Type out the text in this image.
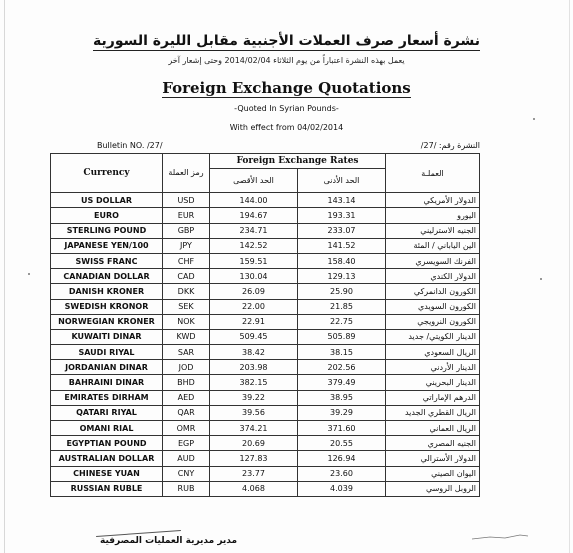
نشرة أسعار صرف العملات الأجنبية مقابل الليرة السورية
يعمل بهذه النشرة اعتباراً من يوم الثلاثاء 2014/02/04 وحتى إشعار آخر
Foreign Exchange Quotations
-Quoted In Syrian Pounds-
With effect from 04/02/2014
Bulletin NO. /27/	النشرة رقم: /27/
Currency	رمز العملة	Foreign Exchange Rates		العملـة
		الحد الأقصى	الحد الأدنى	
US DOLLAR	USD	144.00	143.14	الدولار الأمريكي
EURO	EUR	194.67	193.31	اليورو
STERLING POUND	GBP	234.71	233.07	الجنيه الاسترليني
JAPANESE YEN/100	JPY	142.52	141.52	الين الياباني / المئة
SWISS FRANC	CHF	159.51	158.40	الفرنك السويسري
CANADIAN DOLLAR	CAD	130.04	129.13	الدولار الكندي
DANISH KRONER	DKK	26.09	25.90	الكورون الدانمركي
SWEDISH KRONOR	SEK	22.00	21.85	الكورون السويدي
NORWEGIAN KRONER	NOK	22.91	22.75	الكورون النرويجي
KUWAITI DINAR	KWD	509.45	505.89	الدينار الكويتي/ جديد
SAUDI RIYAL	SAR	38.42	38.15	الريال السعودي
JORDANIAN DINAR	JOD	203.98	202.56	الدينار الأردني
BAHRAINI DINAR	BHD	382.15	379.49	الدينار البحريني
EMIRATES DIRHAM	AED	39.22	38.95	الدرهم الإماراتي
QATARI RIYAL	QAR	39.56	39.29	الريال القطري الجديد
OMANI RIAL	OMR	374.21	371.60	الريال العماني
EGYPTIAN POUND	EGP	20.69	20.55	الجنيه المصري
AUSTRALIAN DOLLAR	AUD	127.83	126.94	الدولار الأسترالي
CHINESE YUAN	CNY	23.77	23.60	اليوان الصيني
RUSSIAN RUBLE	RUB	4.068	4.039	الروبل الروسي
مدير مديرية العمليات المصرفية
